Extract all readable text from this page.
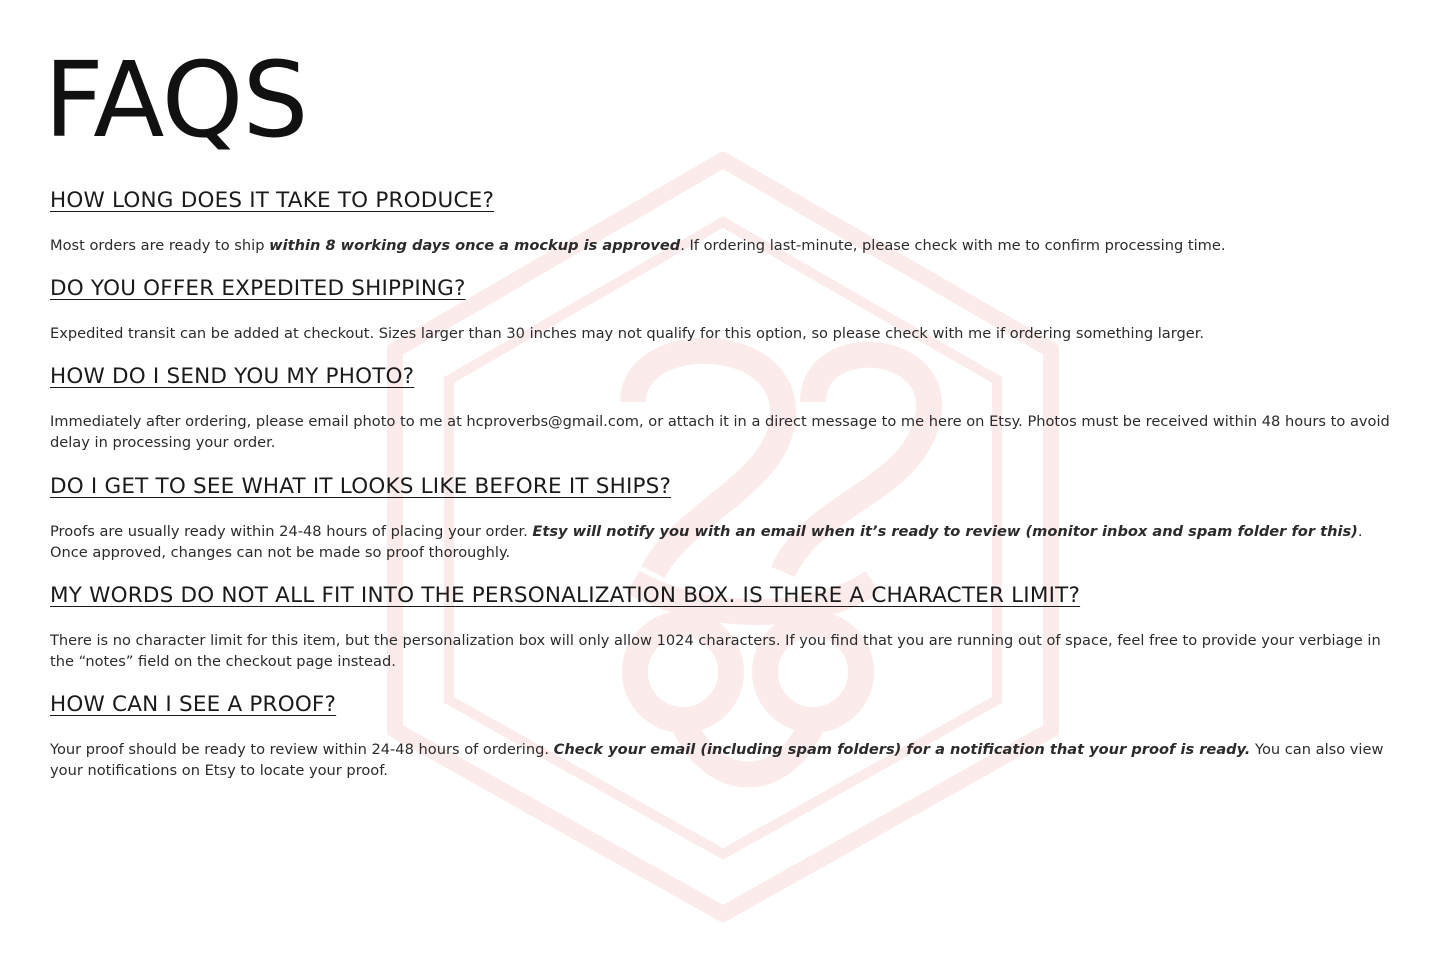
FAQS
HOW LONG DOES IT TAKE TO PRODUCE?
Most orders are ready to ship within 8 working days once a mockup is approved. If ordering last-minute, please check with me to confirm processing time.
DO YOU OFFER EXPEDITED SHIPPING?
Expedited transit can be added at checkout. Sizes larger than 30 inches may not qualify for this option, so please check with me if ordering something larger.
HOW DO I SEND YOU MY PHOTO?
Immediately after ordering, please email photo to me at hcproverbs@gmail.com, or attach it in a direct message to me here on Etsy. Photos must be received within 48 hours to avoid delay in processing your order.
DO I GET TO SEE WHAT IT LOOKS LIKE BEFORE IT SHIPS?
Proofs are usually ready within 24-48 hours of placing your order. Etsy will notify you with an email when it’s ready to review (monitor inbox and spam folder for this). Once approved, changes can not be made so proof thoroughly.
MY WORDS DO NOT ALL FIT INTO THE PERSONALIZATION BOX. IS THERE A CHARACTER LIMIT?
There is no character limit for this item, but the personalization box will only allow 1024 characters. If you find that you are running out of space, feel free to provide your verbiage in the “notes” field on the checkout page instead.
HOW CAN I SEE A PROOF?
Your proof should be ready to review within 24-48 hours of ordering. Check your email (including spam folders) for a notification that your proof is ready. You can also view your notifications on Etsy to locate your proof.
